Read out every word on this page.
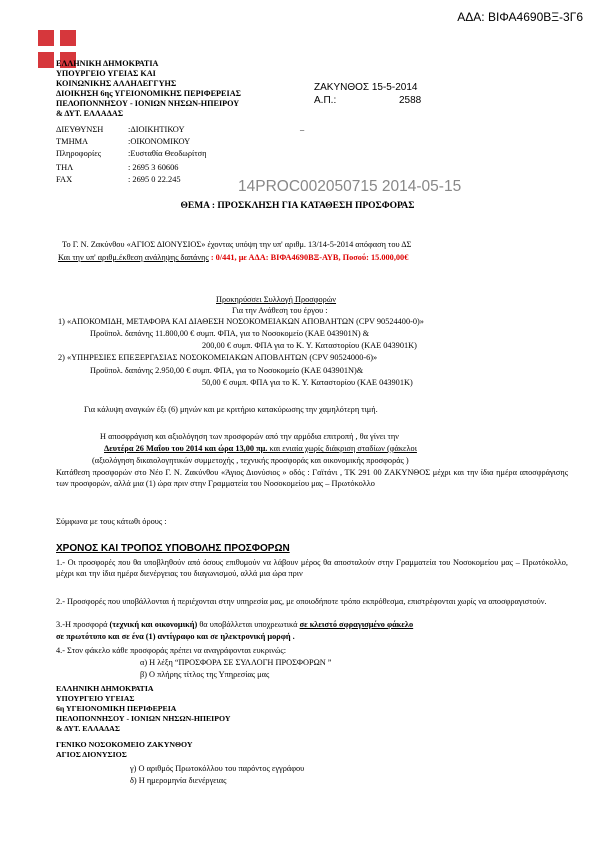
ΑΔΑ: ΒΙΦΑ4690ΒΞ-3Γ6
ΕΛΛΗΝΙΚΗ ΔΗΜΟΚΡΑΤΙΑ
ΥΠΟΥΡΓΕΙΟ ΥΓΕΙΑΣ ΚΑΙ
ΚΟΙΝΩΝΙΚΗΣ ΑΛΛΗΛΕΓΓΥΗΣ
ΔΙΟΙΚΗΣΗ 6ης ΥΓΕΙΟΝΟΜΙΚΗΣ ΠΕΡΙΦΕΡΕΙΑΣ
ΠΕΛΟΠΟΝΝΗΣΟΥ - ΙΟΝΙΩΝ ΝΗΣΩΝ-ΗΠΕΙΡΟΥ
& ΔΥΤ. ΕΛΛΑΔΑΣ
ΔΙΕΥΘΥΝΣΗ	:ΔΙΟΙΚΗΤΙΚΟΥ	–
ΤΜΗΜΑ	:ΟΙΚΟΝΟΜΙΚΟΥ
Πληροφορίες	:Ευσταθία Θεοδωρίτση
ΤΗΛ	: 2695 3 60606
FAX	: 2695 0 22.245
ΖΑΚΥΝΘΟΣ 15-5-2014
Α.Π.:	2588
14PROC002050715 2014-05-15
ΘΕΜΑ : ΠΡΟΣΚΛΗΣΗ ΓΙΑ ΚΑΤΑΘΕΣΗ ΠΡΟΣΦΟΡΑΣ
Το Γ. Ν. Ζακύνθου «ΑΓΙΟΣ ΔΙΟΝΥΣΙΟΣ» έχοντας υπόψη την υπ' αριθμ. 13/14-5-2014 απόφαση του ΔΣ
Και την υπ' αριθμ.έκθεση ανάληψης δαπάνης : 0/441, με ΑΔΑ: ΒΙΦΑ4690ΒΞ-ΑΥΒ, Ποσού: 15.000,00€
Προκηρύσσει Συλλογή Προσφορών
Για την Ανάθεση του έργου :
1) «ΑΠΟΚΟΜΙΔΗ, ΜΕΤΑΦΟΡΑ ΚΑΙ ΔΙΑΘΕΣΗ ΝΟΣΟΚΟΜΕΙΑΚΩΝ ΑΠΟΒΛΗΤΩΝ (CPV 90524400-0)»
Προϋπολ. δαπάνης 11.800,00 € συμπ. ΦΠΑ, για το Νοσοκομείο (ΚΑΕ 043901Ν) &
200,00 € συμπ. ΦΠΑ για το Κ. Υ. Καταστορίου (ΚΑΕ 043901Κ)
2) «ΥΠΗΡΕΣΙΕΣ ΕΠΕΞΕΡΓΑΣΙΑΣ ΝΟΣΟΚΟΜΕΙΑΚΩΝ ΑΠΟΒΛΗΤΩΝ (CPV 90524000-6)»
Προϋπολ. δαπάνης 2.950,00 € συμπ. ΦΠΑ, για το Νοσοκομείο (ΚΑΕ 043901Ν)&
50,00 € συμπ. ΦΠΑ για το Κ. Υ. Καταστορίου (ΚΑΕ 043901Κ)
Για κάλυψη αναγκών έξι (6) μηνών και με κριτήριο κατακύρωσης την χαμηλότερη τιμή.
Η αποσφράγιση και αξιολόγηση των προσφορών από την αρμόδια επιτροπή , θα γίνει την
Δευτέρα 26 Μαΐου του 2014 και ώρα 13,00 πμ. και ενιαία χωρίς διάκριση σταδίων (φάκελοι
(αξιολόγηση δικαιολογητικών συμμετοχής , τεχνικής προσφοράς και οικονομικής προσφοράς )
Κατάθεση προσφορών στο Νέο Γ. Ν. Ζακύνθου «Άγιος Διονύσιος » οδός : Γαϊτάνι , ΤΚ 291 00 ΖΑΚΥΝΘΟΣ μέχρι και την ίδια ημέρα αποσφράγισης των προσφορών, αλλά μια (1) ώρα πριν στην Γραμματεία του Νοσοκομείου μας – Πρωτόκολλο
Σύμφωνα με τους κάτωθι όρους :
ΧΡΟΝΟΣ ΚΑΙ ΤΡΟΠΟΣ ΥΠΟΒΟΛΗΣ ΠΡΟΣΦΟΡΩΝ
1.- Οι προσφορές που θα υποβληθούν από όσους επιθυμούν να λάβουν μέρος θα αποσταλούν στην Γραμματεία του Νοσοκομείου μας – Πρωτόκολλο, μέχρι και την ίδια ημέρα διενέργειας του διαγωνισμού, αλλά μια ώρα πριν
2.- Προσφορές που υποβάλλονται ή περιέχονται στην υπηρεσία μας, με οποιοδήποτε τρόπο εκπρόθεσμα, επιστρέφονται χωρίς να αποσφραγιστούν.
3.-Η προσφορά (τεχνική και οικονομική) θα υποβάλλεται υποχρεωτικά σε κλειστό σφραγισμένο φάκελο
σε πρωτότυπο και σε ένα (1) αντίγραφο και σε ηλεκτρονική μορφή .
4.- Στον φάκελο κάθε προσφοράς πρέπει να αναγράφονται ευκρινώς:
α) Η λέξη “ΠΡΟΣΦΟΡΑ ΣΕ ΣΥΛΛΟΓΗ ΠΡΟΣΦΟΡΩΝ ”
β) Ο πλήρης τίτλος της Υπηρεσίας μας
ΕΛΛΗΝΙΚΗ ΔΗΜΟΚΡΑΤΙΑ
ΥΠΟΥΡΓΕΙΟ ΥΓΕΙΑΣ
6η ΥΓΕΙΟΝΟΜΙΚΗ ΠΕΡΙΦΕΡΕΙΑ
ΠΕΛΟΠΟΝΝΗΣΟΥ - ΙΟΝΙΩΝ ΝΗΣΩΝ-ΗΠΕΙΡΟΥ
& ΔΥΤ. ΕΛΛΑΔΑΣ
ΓΕΝΙΚΟ ΝΟΣΟΚΟΜΕΙΟ ΖΑΚΥΝΘΟΥ
ΑΓΙΟΣ ΔΙΟΝΥΣΙΟΣ
γ) Ο αριθμός Πρωτοκόλλου του παρόντος εγγράφου
δ) Η ημερομηνία διενέργειας
